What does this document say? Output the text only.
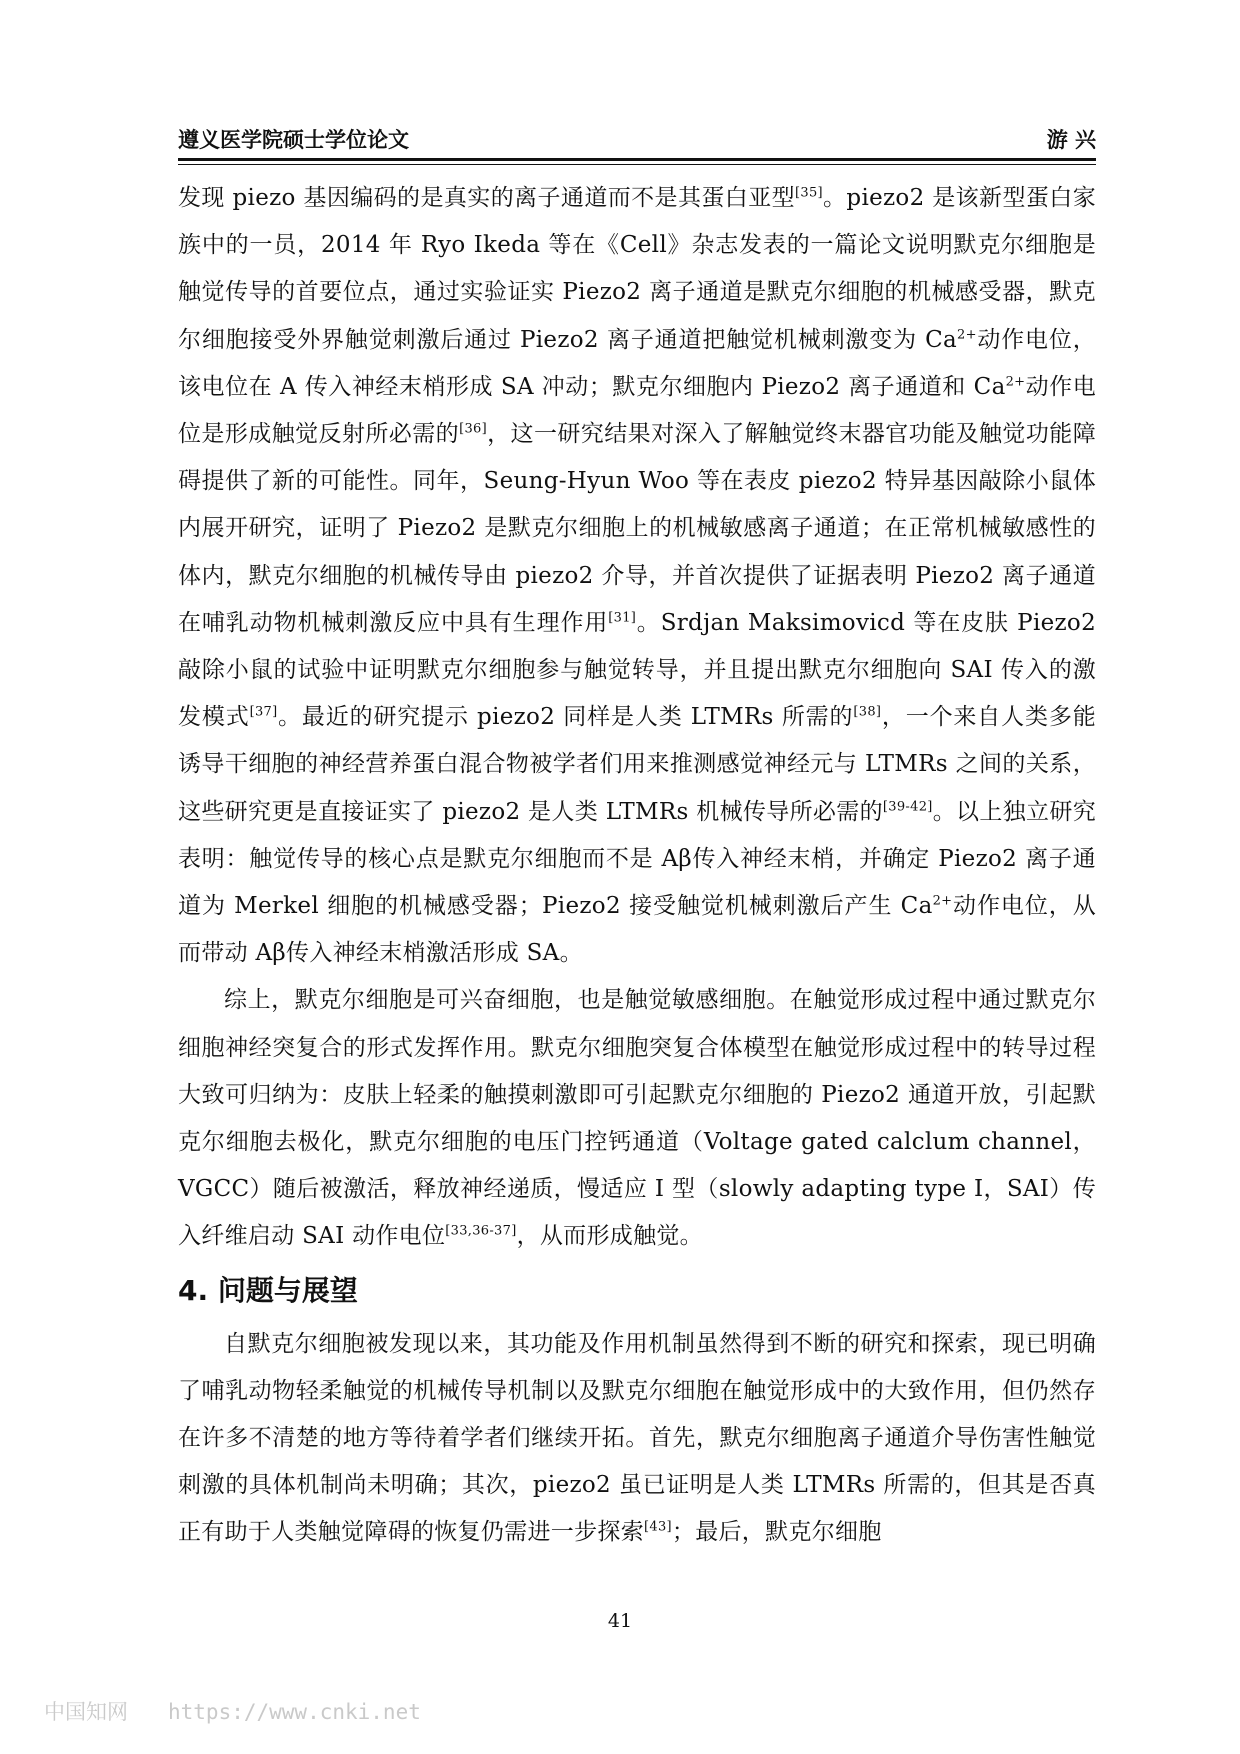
遵义医学院硕士学位论文	游 兴

发现 piezo 基因编码的是真实的离子通道而不是其蛋白亚型[35]。piezo2 是该新型蛋白家族中的一员，2014 年 Ryo Ikeda 等在《Cell》杂志发表的一篇论文说明默克尔细胞是触觉传导的首要位点，通过实验证实 Piezo2 离子通道是默克尔细胞的机械感受器，默克尔细胞接受外界触觉刺激后通过 Piezo2 离子通道把触觉机械刺激变为 $Ca^{2+}$动作电位，该电位在 A 传入神经末梢形成 SA 冲动；默克尔细胞内 Piezo2 离子通道和 $Ca^{2+}$动作电位是形成触觉反射所必需的[36]，这一研究结果对深入了解触觉终末器官功能及触觉功能障碍提供了新的可能性。同年，Seung-Hyun Woo 等在表皮 piezo2 特异基因敲除小鼠体内展开研究，证明了 Piezo2 是默克尔细胞上的机械敏感离子通道；在正常机械敏感性的体内，默克尔细胞的机械传导由 piezo2 介导，并首次提供了证据表明 Piezo2 离子通道在哺乳动物机械刺激反应中具有生理作用[31]。Srdjan Maksimovicd 等在皮肤 Piezo2 敲除小鼠的试验中证明默克尔细胞参与触觉转导，并且提出默克尔细胞向 SAI 传入的激发模式[37]。最近的研究提示 piezo2 同样是人类 LTMRs 所需的[38]，一个来自人类多能诱导干细胞的神经营养蛋白混合物被学者们用来推测感觉神经元与 LTMRs 之间的关系，这些研究更是直接证实了 piezo2 是人类 LTMRs 机械传导所必需的[39-42]。以上独立研究表明：触觉传导的核心点是默克尔细胞而不是 Aβ传入神经末梢，并确定 Piezo2 离子通道为 Merkel 细胞的机械感受器；Piezo2 接受触觉机械刺激后产生 $Ca^{2+}$动作电位，从而带动 Aβ传入神经末梢激活形成 SA。

综上，默克尔细胞是可兴奋细胞，也是触觉敏感细胞。在触觉形成过程中通过默克尔细胞神经突复合的形式发挥作用。默克尔细胞突复合体模型在触觉形成过程中的转导过程大致可归纳为：皮肤上轻柔的触摸刺激即可引起默克尔细胞的 Piezo2 通道开放，引起默克尔细胞去极化，默克尔细胞的电压门控钙通道（Voltage gated calclum channel，VGCC）随后被激活，释放神经递质，慢适应 I 型（slowly adapting type I，SAI）传入纤维启动 SAI 动作电位[33,36-37]，从而形成触觉。

4. 问题与展望

自默克尔细胞被发现以来，其功能及作用机制虽然得到不断的研究和探索，现已明确了哺乳动物轻柔触觉的机械传导机制以及默克尔细胞在触觉形成中的大致作用，但仍然存在许多不清楚的地方等待着学者们继续开拓。首先，默克尔细胞离子通道介导伤害性触觉刺激的具体机制尚未明确；其次，piezo2 虽已证明是人类 LTMRs 所需的，但其是否真正有助于人类触觉障碍的恢复仍需进一步探索[43]；最后，默克尔细胞

41
中国知网 https://www.cnki.net
